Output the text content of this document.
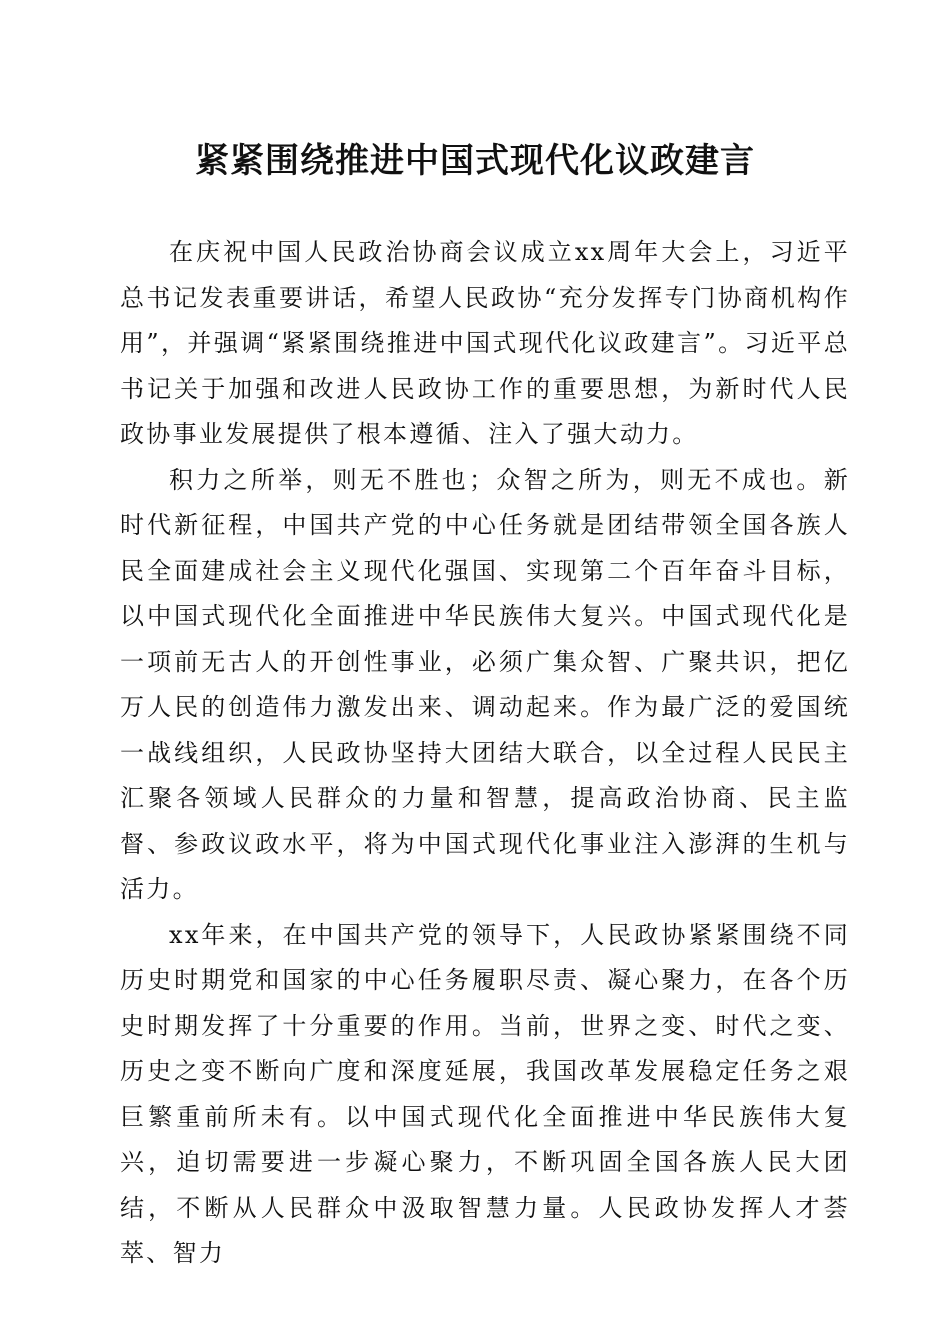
紧紧围绕推进中国式现代化议政建言

在庆祝中国人民政治协商会议成立xx周年大会上，习近平总书记发表重要讲话，希望人民政协“充分发挥专门协商机构作用”，并强调“紧紧围绕推进中国式现代化议政建言”。习近平总书记关于加强和改进人民政协工作的重要思想，为新时代人民政协事业发展提供了根本遵循、注入了强大动力。

积力之所举，则无不胜也；众智之所为，则无不成也。新时代新征程，中国共产党的中心任务就是团结带领全国各族人民全面建成社会主义现代化强国、实现第二个百年奋斗目标，以中国式现代化全面推进中华民族伟大复兴。中国式现代化是一项前无古人的开创性事业，必须广集众智、广聚共识，把亿万人民的创造伟力激发出来、调动起来。作为最广泛的爱国统一战线组织，人民政协坚持大团结大联合，以全过程人民民主汇聚各领域人民群众的力量和智慧，提高政治协商、民主监督、参政议政水平，将为中国式现代化事业注入澎湃的生机与活力。

xx年来，在中国共产党的领导下，人民政协紧紧围绕不同历史时期党和国家的中心任务履职尽责、凝心聚力，在各个历史时期发挥了十分重要的作用。当前，世界之变、时代之变、历史之变不断向广度和深度延展，我国改革发展稳定任务之艰巨繁重前所未有。以中国式现代化全面推进中华民族伟大复兴，迫切需要进一步凝心聚力，不断巩固全国各族人民大团结，不断从人民群众中汲取智慧力量。人民政协发挥人才荟萃、智力
